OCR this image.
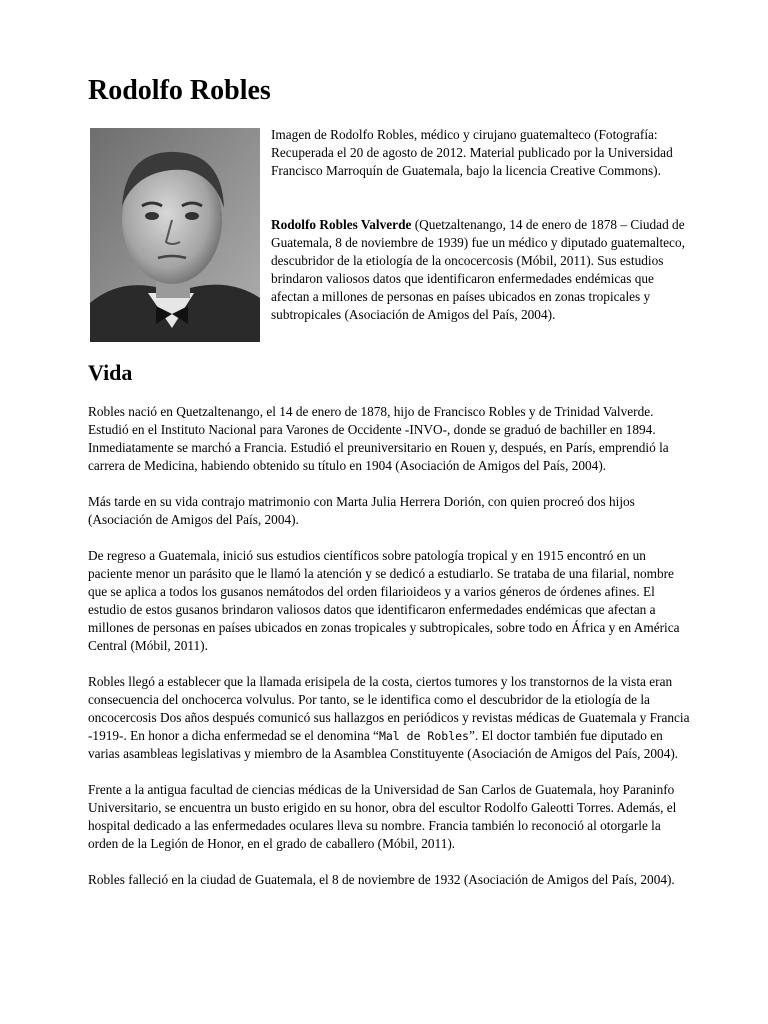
Rodolfo Robles

Imagen de Rodolfo Robles, médico y cirujano guatemalteco (Fotografía: Recuperada el 20 de agosto de 2012. Material publicado por la Universidad Francisco Marroquín de Guatemala, bajo la licencia Creative Commons).

Rodolfo Robles Valverde (Quetzaltenango, 14 de enero de 1878 – Ciudad de Guatemala, 8 de noviembre de 1939) fue un médico y diputado guatemalteco, descubridor de la etiología de la oncocercosis (Móbil, 2011). Sus estudios brindaron valiosos datos que identificaron enfermedades endémicas que afectan a millones de personas en países ubicados en zonas tropicales y subtropicales (Asociación de Amigos del País, 2004).

Vida

Robles nació en Quetzaltenango, el 14 de enero de 1878, hijo de Francisco Robles y de Trinidad Valverde. Estudió en el Instituto Nacional para Varones de Occidente -INVO-, donde se graduó de bachiller en 1894. Inmediatamente se marchó a Francia. Estudió el preuniversitario en Rouen y, después, en París, emprendió la carrera de Medicina, habiendo obtenido su título en 1904 (Asociación de Amigos del País, 2004).

Más tarde en su vida contrajo matrimonio con Marta Julia Herrera Dorión, con quien procreó dos hijos (Asociación de Amigos del País, 2004).

De regreso a Guatemala, inició sus estudios científicos sobre patología tropical y en 1915 encontró en un paciente menor un parásito que le llamó la atención y se dedicó a estudiarlo. Se trataba de una filarial, nombre que se aplica a todos los gusanos nemátodos del orden filarioideos y a varios géneros de órdenes afines. El estudio de estos gusanos brindaron valiosos datos que identificaron enfermedades endémicas que afectan a millones de personas en países ubicados en zonas tropicales y subtropicales, sobre todo en África y en América Central (Móbil, 2011).

Robles llegó a establecer que la llamada erisipela de la costa, ciertos tumores y los transtornos de la vista eran consecuencia del onchocerca volvulus. Por tanto, se le identifica como el descubridor de la etiología de la oncocercosis Dos años después comunicó sus hallazgos en periódicos y revistas médicas de Guatemala y Francia -1919-. En honor a dicha enfermedad se el denomina “Mal de Robles”. El doctor también fue diputado en varias asambleas legislativas y miembro de la Asamblea Constituyente (Asociación de Amigos del País, 2004).

Frente a la antigua facultad de ciencias médicas de la Universidad de San Carlos de Guatemala, hoy Paraninfo Universitario, se encuentra un busto erigido en su honor, obra del escultor Rodolfo Galeotti Torres. Además, el hospital dedicado a las enfermedades oculares lleva su nombre. Francia también lo reconoció al otorgarle la orden de la Legión de Honor, en el grado de caballero (Móbil, 2011).

Robles falleció en la ciudad de Guatemala, el 8 de noviembre de 1932 (Asociación de Amigos del País, 2004).
